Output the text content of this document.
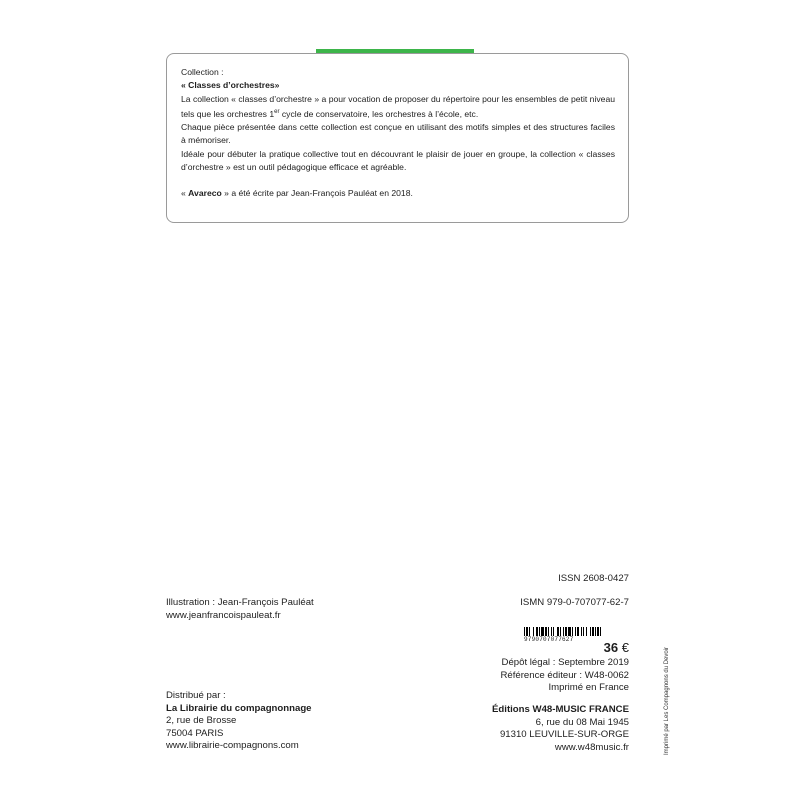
Collection :

« Classes d’orchestres»

La collection « classes d’orchestre » a pour vocation de proposer du répertoire pour les ensembles de petit niveau tels que les orchestres 1er cycle de conservatoire, les orchestres à l’école, etc.

Chaque pièce présentée dans cette collection est conçue en utilisant des motifs simples et des structures faciles à mémoriser.

Idéale pour débuter la pratique collective tout en découvrant le plaisir de jouer en groupe, la collection « classes d’orchestre » est un outil pédagogique efficace et agréable.

« Avareco » a été écrite par Jean-François Pauléat en 2018.

Illustration : Jean-François Pauléat
www.jeanfrancoispauleat.fr
Distribué par :
La Librairie du compagnonnage
2, rue de Brosse
75004 PARIS
www.librairie-compagnons.com
ISSN 2608-0427
ISMN 979-0-707077-62-7
9790707077627
36 €
Dépôt légal : Septembre 2019
Référence éditeur : W48-0062
Imprimé en France
Éditions W48-MUSIC FRANCE
6, rue du 08 Mai 1945
91310 LEUVILLE-SUR-ORGE
www.w48music.fr	Imprimé par Les Compagnons du Devoir
